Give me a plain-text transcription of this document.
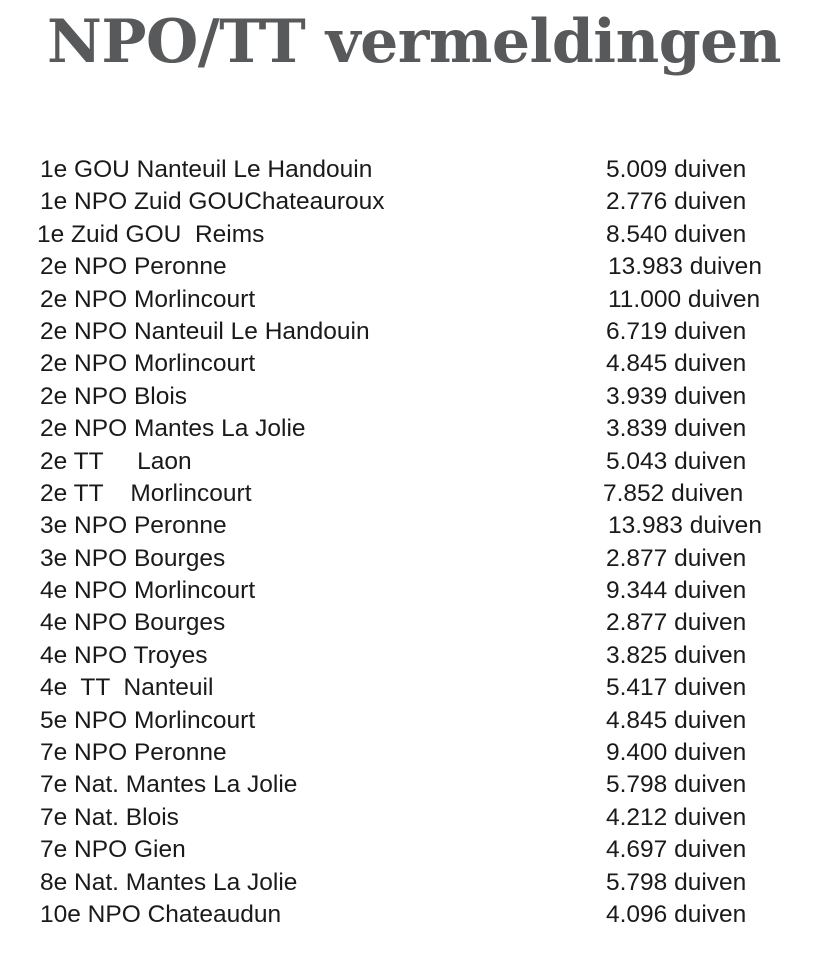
NPO/TT vermeldingen
1e GOU Nanteuil Le Handouin	5.009 duiven
1e NPO Zuid GOUChateauroux	2.776 duiven
1e Zuid GOU  Reims	8.540 duiven
2e NPO Peronne	13.983 duiven
2e NPO Morlincourt	11.000 duiven
2e NPO Nanteuil Le Handouin	6.719 duiven
2e NPO Morlincourt	4.845 duiven
2e NPO Blois	3.939 duiven
2e NPO Mantes La Jolie	3.839 duiven
2e TT     Laon	5.043 duiven
2e TT    Morlincourt	7.852 duiven
3e NPO Peronne	13.983 duiven
3e NPO Bourges	2.877 duiven
4e NPO Morlincourt	9.344 duiven
4e NPO Bourges	2.877 duiven
4e NPO Troyes	3.825 duiven
4e  TT  Nanteuil	5.417 duiven
5e NPO Morlincourt	4.845 duiven
7e NPO Peronne	9.400 duiven
7e Nat. Mantes La Jolie	5.798 duiven
7e Nat. Blois	4.212 duiven
7e NPO Gien	4.697 duiven
8e Nat. Mantes La Jolie	5.798 duiven
10e NPO Chateaudun	4.096 duiven
